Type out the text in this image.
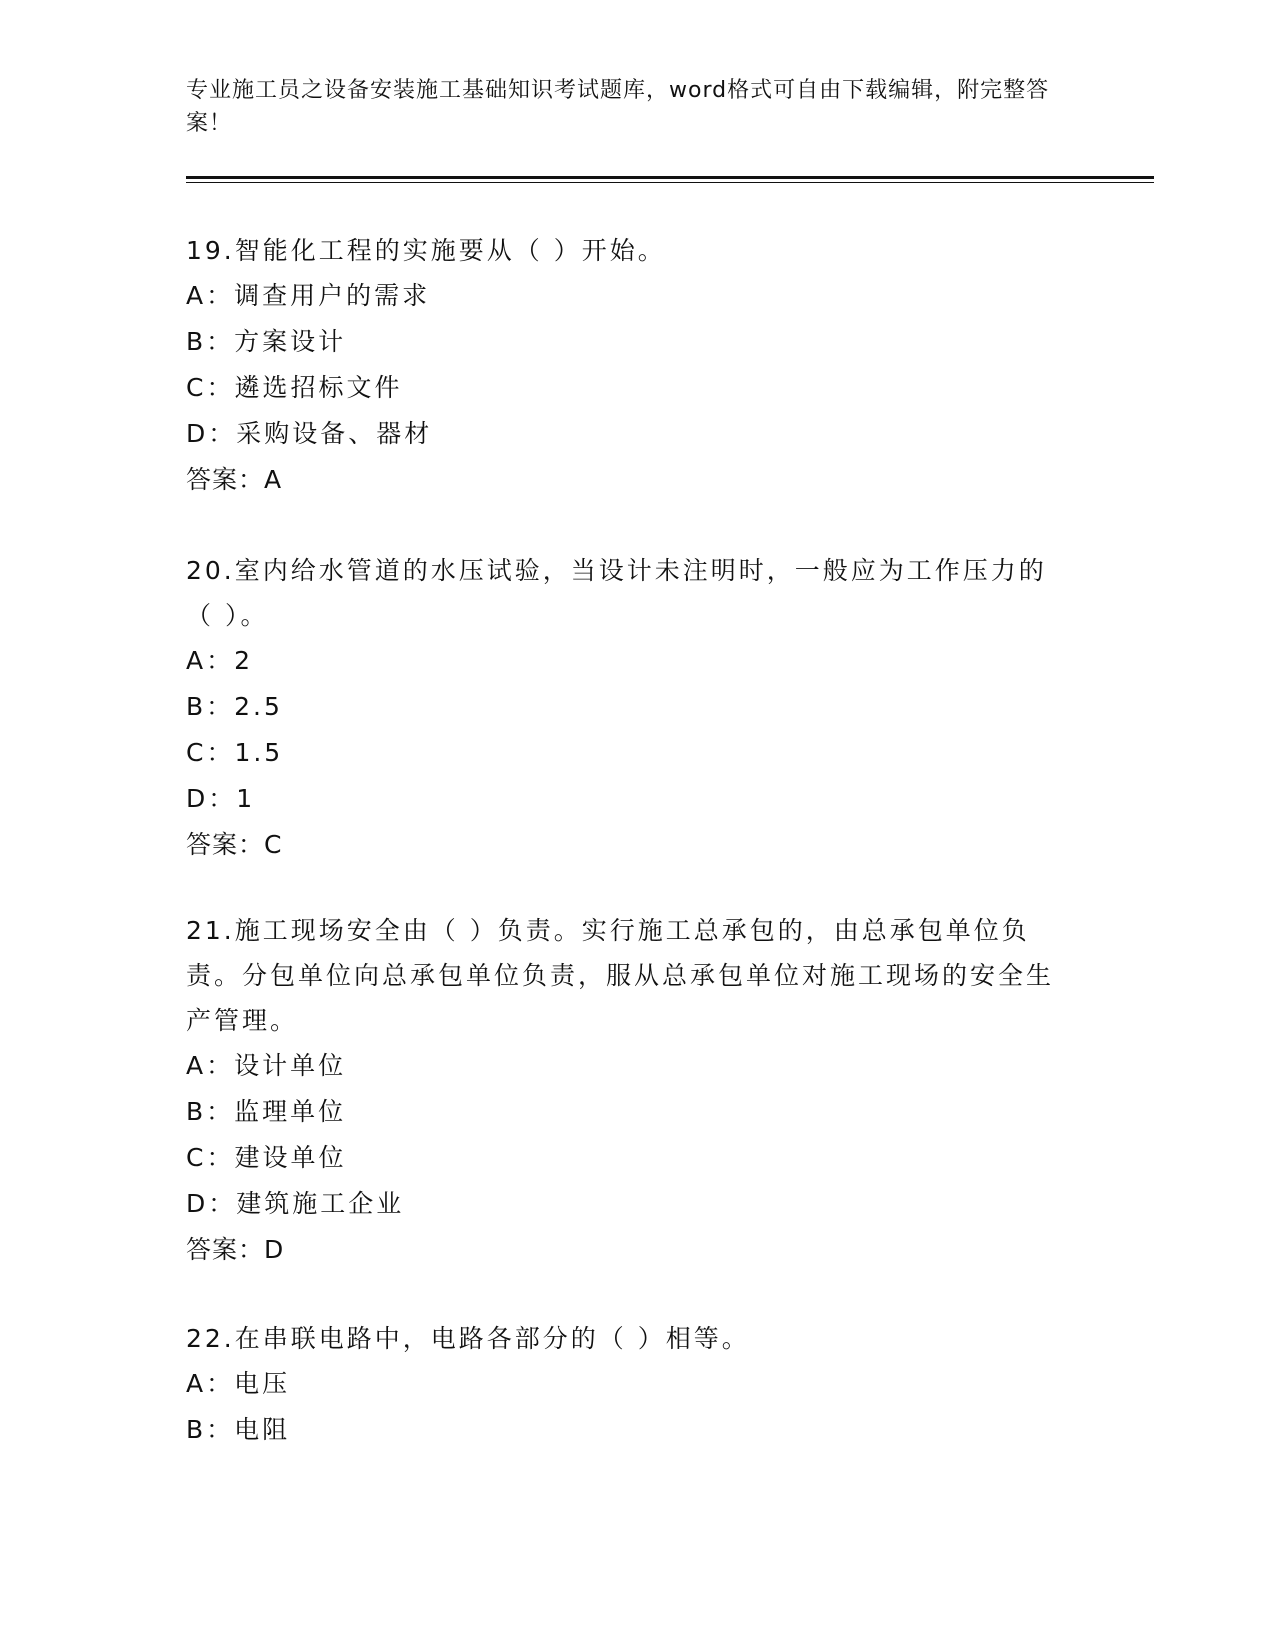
专业施工员之设备安装施工基础知识考试题库，word格式可自由下载编辑，附完整答案！

19.智能化工程的实施要从（ ）开始。

A：调查用户的需求

B：方案设计

C：遴选招标文件

D：采购设备、器材

答案：A

20.室内给水管道的水压试验，当设计未注明时，一般应为工作压力的（ ）。

A：2

B：2.5

C：1.5

D：1

答案：C

21.施工现场安全由（ ）负责。实行施工总承包的，由总承包单位负责。分包单位向总承包单位负责，服从总承包单位对施工现场的安全生产管理。

A：设计单位

B：监理单位

C：建设单位

D：建筑施工企业

答案：D

22.在串联电路中，电路各部分的（ ）相等。

A：电压

B：电阻
